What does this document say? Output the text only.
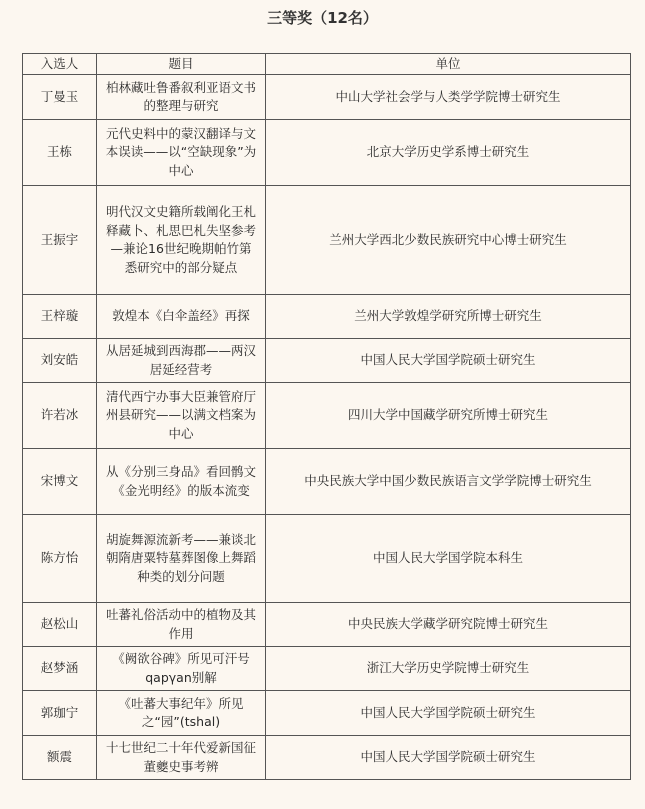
三等奖（12名）
入选人	题目	单位
丁曼玉	柏林藏吐鲁番叙利亚语文书的整理与研究	中山大学社会学与人类学学院博士研究生
王栋	元代史料中的蒙汉翻译与文本误读——以“空缺现象”为中心	北京大学历史学系博士研究生
王振宇	明代汉文史籍所载阐化王札释藏卜、札思巴札失坚参考—兼论16世纪晚期帕竹第悉研究中的部分疑点	兰州大学西北少数民族研究中心博士研究生
王梓璇	敦煌本《白伞盖经》再探	兰州大学敦煌学研究所博士研究生
刘安皓	从居延城到西海郡——两汉居延经营考	中国人民大学国学院硕士研究生
许若冰	清代西宁办事大臣兼管府厅州县研究——以满文档案为中心	四川大学中国藏学研究所博士研究生
宋博文	从《分别三身品》看回鹘文《金光明经》的版本流变	中央民族大学中国少数民族语言文学学院博士研究生
陈方怡	胡旋舞源流新考——兼谈北朝隋唐粟特墓葬图像上舞蹈种类的划分问题	中国人民大学国学院本科生
赵松山	吐蕃礼俗活动中的植物及其作用	中央民族大学藏学研究院博士研究生
赵梦涵	《阙欲谷碑》所见可汗号qapγan别解	浙江大学历史学院博士研究生
郭珈宁	《吐蕃大事纪年》所见之“园”(tshal)	中国人民大学国学院硕士研究生
额震	十七世纪二十年代爱新国征董夔史事考辨	中国人民大学国学院硕士研究生
